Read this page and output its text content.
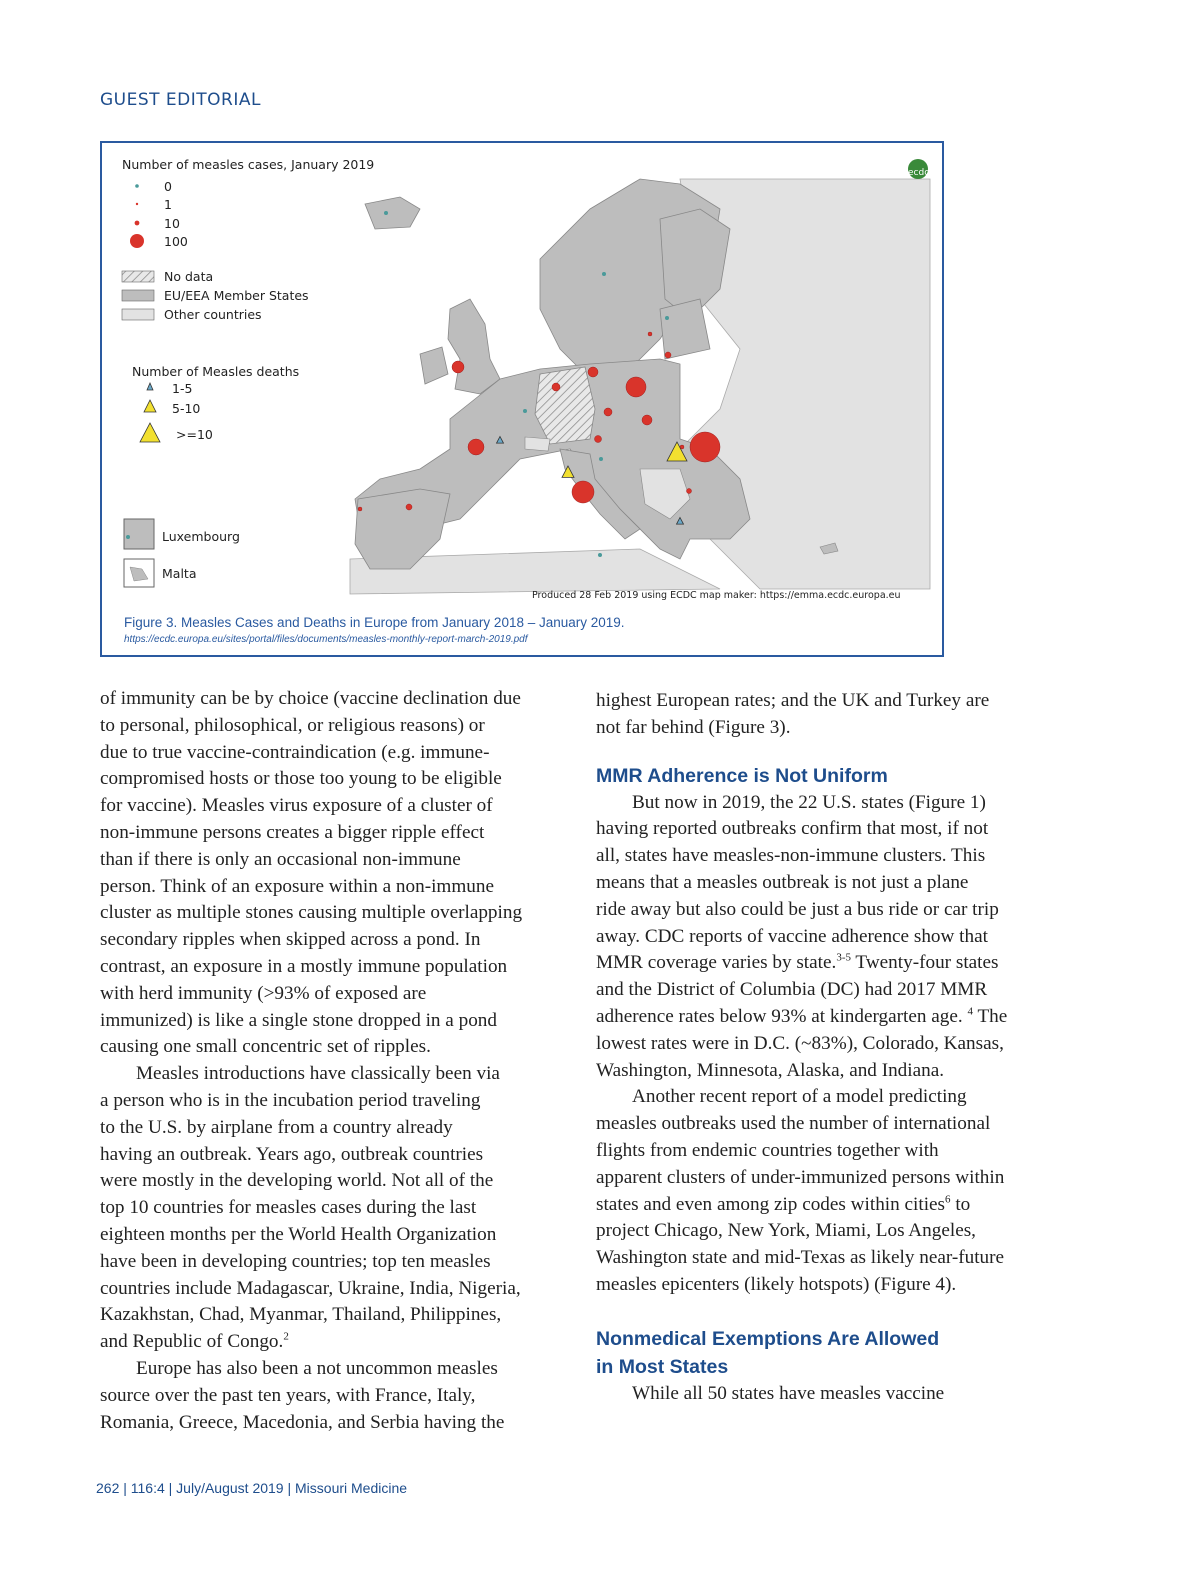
GUEST EDITORIAL
ecdc
Number of measles cases, January 2019
0
1
10
100
No data
EU/EEA Member States
Other countries
Number of Measles deaths
1-5
5-10
>=10
Luxembourg
Malta
Produced 28 Feb 2019 using ECDC map maker: https://emma.ecdc.europa.eu
Figure 3. Measles Cases and Deaths in Europe from January 2018 – January 2019.
https://ecdc.europa.eu/sites/portal/files/documents/measles-monthly-report-march-2019.pdf

of immunity can be by choice (vaccine declination due
to personal, philosophical, or religious reasons) or
due to true vaccine-contraindication (e.g. immune-
compromised hosts or those too young to be eligible
for vaccine). Measles virus exposure of a cluster of
non-immune persons creates a bigger ripple effect
than if there is only an occasional non-immune
person. Think of an exposure within a non-immune
cluster as multiple stones causing multiple overlapping
secondary ripples when skipped across a pond. In
contrast, an exposure in a mostly immune population
with herd immunity (>93% of exposed are
immunized) is like a single stone dropped in a pond
causing one small concentric set of ripples.

Measles introductions have classically been via
a person who is in the incubation period traveling
to the U.S. by airplane from a country already
having an outbreak. Years ago, outbreak countries
were mostly in the developing world. Not all of the
top 10 countries for measles cases during the last
eighteen months per the World Health Organization
have been in developing countries; top ten measles
countries include Madagascar, Ukraine, India, Nigeria,
Kazakhstan, Chad, Myanmar, Thailand, Philippines,
and Republic of Congo.$^2$

Europe has also been a not uncommon measles
source over the past ten years, with France, Italy,
Romania, Greece, Macedonia, and Serbia having the

highest European rates; and the UK and Turkey are
not far behind (Figure 3).

MMR Adherence is Not Uniform

But now in 2019, the 22 U.S. states (Figure 1)
having reported outbreaks confirm that most, if not
all, states have measles-non-immune clusters. This
means that a measles outbreak is not just a plane
ride away but also could be just a bus ride or car trip
away. CDC reports of vaccine adherence show that
MMR coverage varies by state.$^{3-5}$ Twenty-four states
and the District of Columbia (DC) had 2017 MMR
adherence rates below 93% at kindergarten age. $^4$ The
lowest rates were in D.C. (~83%), Colorado, Kansas,
Washington, Minnesota, Alaska, and Indiana.

Another recent report of a model predicting
measles outbreaks used the number of international
flights from endemic countries together with
apparent clusters of under-immunized persons within
states and even among zip codes within cities$^6$ to
project Chicago, New York, Miami, Los Angeles,
Washington state and mid-Texas as likely near-future
measles epicenters (likely hotspots) (Figure 4).

Nonmedical Exemptions Are Allowed
in Most States

While all 50 states have measles vaccine

262 | 116:4 | July/August 2019 | Missouri Medicine
